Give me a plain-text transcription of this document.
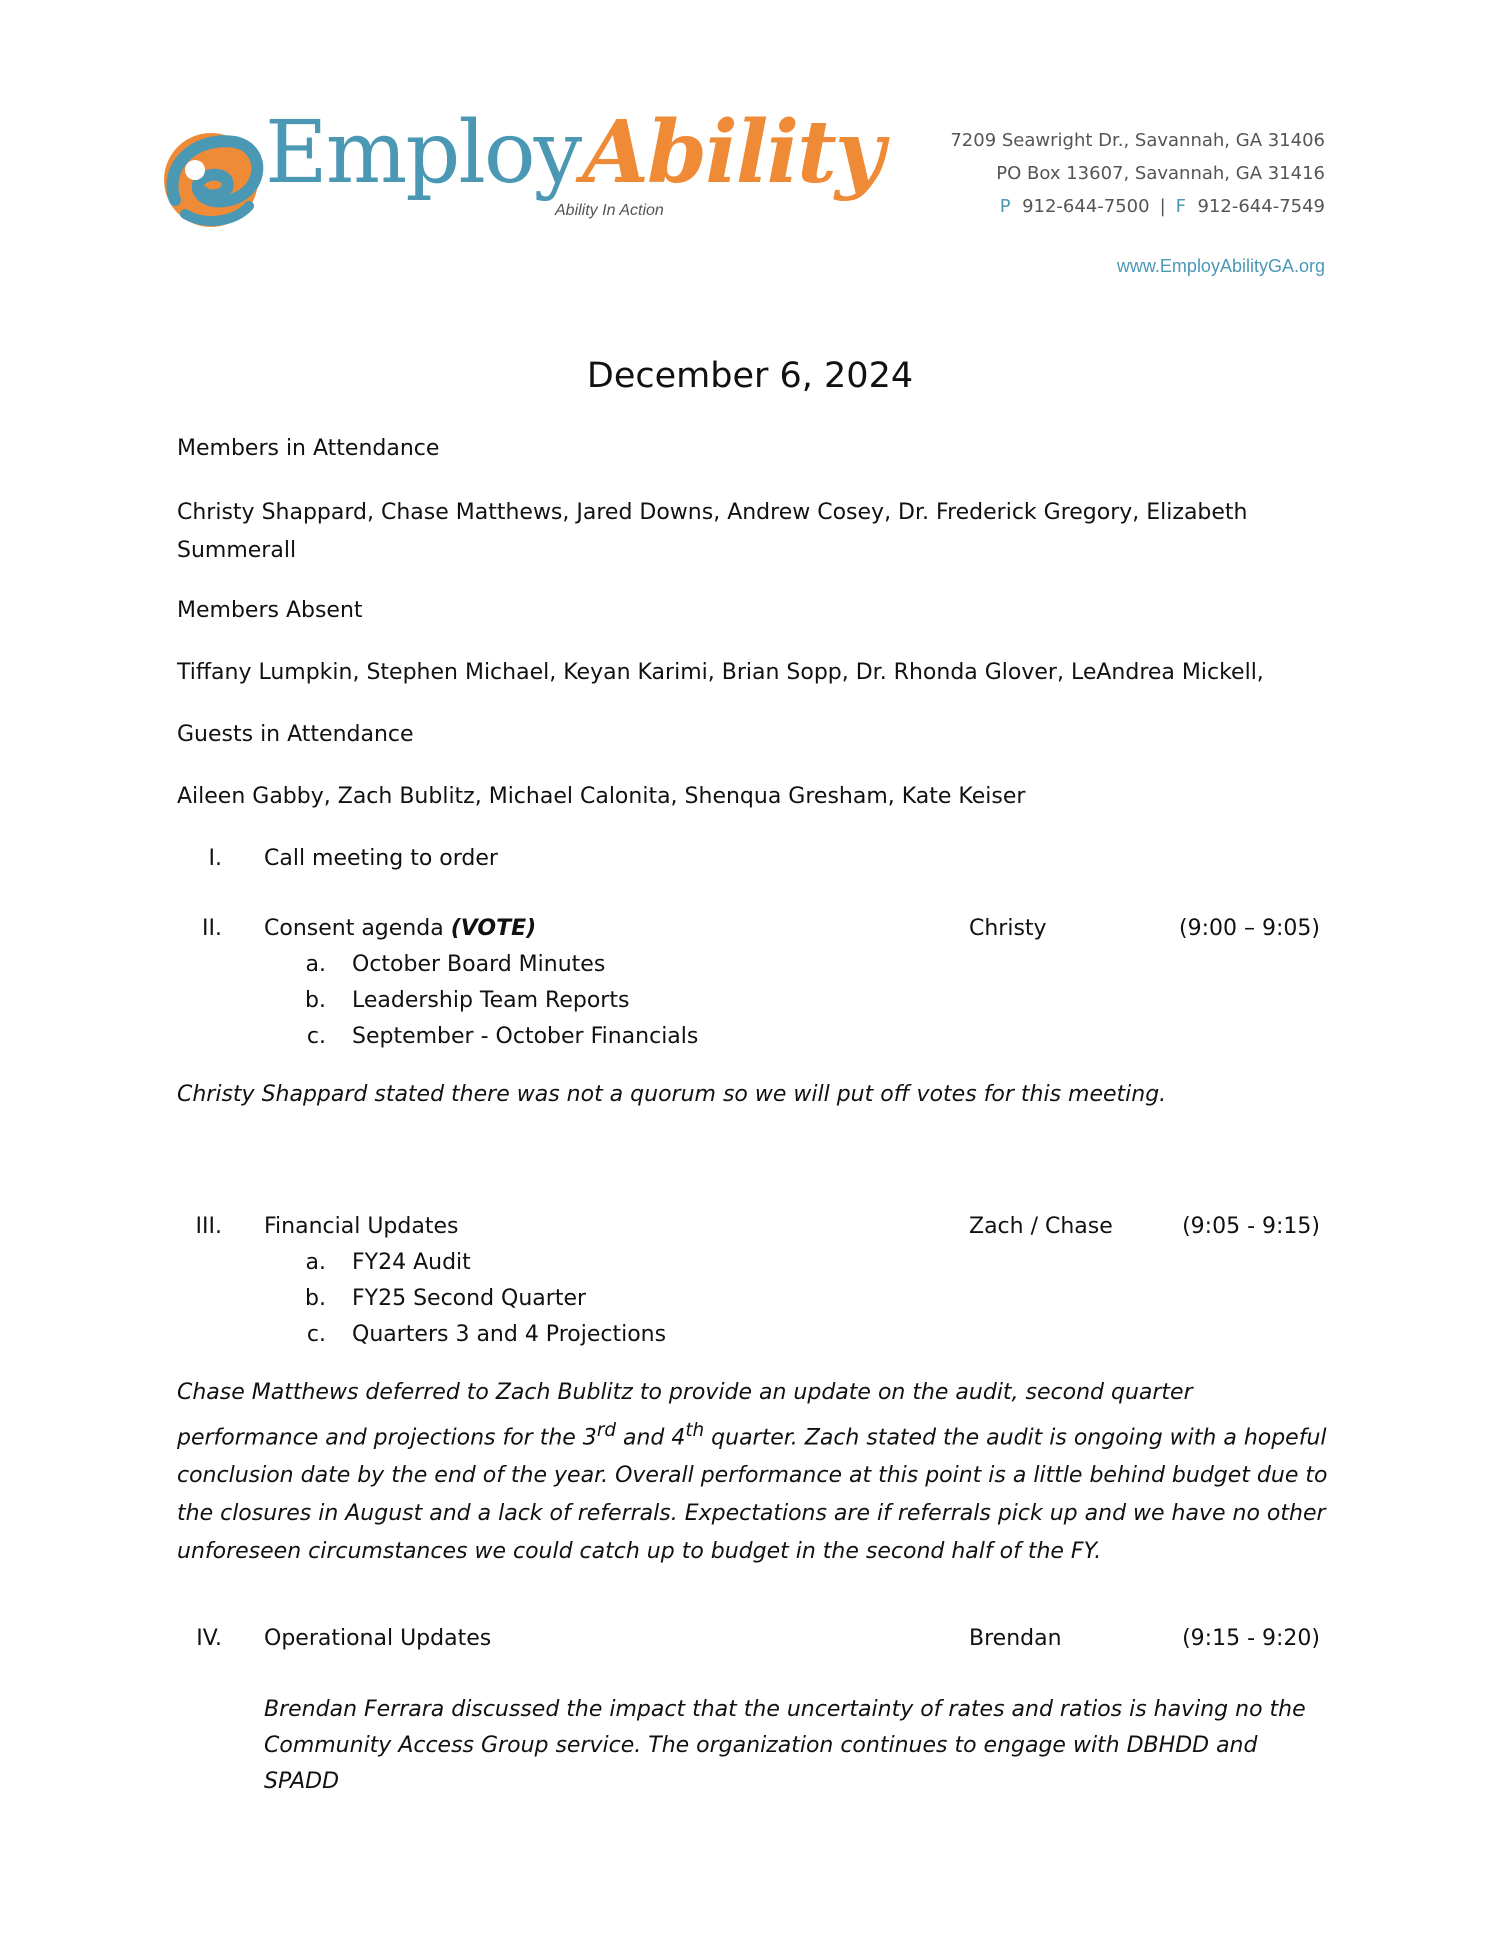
EmployAbility
Ability In Action
7209 Seawright Dr., Savannah, GA 31406
PO Box 13607, Savannah, GA 31416
P 912-644-7500 | F 912-644-7549
www.EmployAbilityGA.org
December 6, 2024
Members in Attendance
Christy Shappard, Chase Matthews, Jared Downs, Andrew Cosey, Dr. Frederick Gregory, Elizabeth Summerall
Members Absent
Tiffany Lumpkin, Stephen Michael, Keyan Karimi, Brian Sopp, Dr. Rhonda Glover, LeAndrea Mickell,
Guests in Attendance
Aileen Gabby, Zach Bublitz, Michael Calonita, Shenqua Gresham, Kate Keiser
I. Call meeting to order
II. Consent agenda (VOTE)	Christy	(9:00 – 9:05)
a. October Board Minutes
b. Leadership Team Reports
c. September - October Financials
Christy Shappard stated there was not a quorum so we will put off votes for this meeting.
III. Financial Updates	Zach / Chase	(9:05 - 9:15)
a. FY24 Audit
b. FY25 Second Quarter
c. Quarters 3 and 4 Projections
Chase Matthews deferred to Zach Bublitz to provide an update on the audit, second quarter performance and projections for the 3rd and 4th quarter. Zach stated the audit is ongoing with a hopeful conclusion date by the end of the year. Overall performance at this point is a little behind budget due to the closures in August and a lack of referrals. Expectations are if referrals pick up and we have no other unforeseen circumstances we could catch up to budget in the second half of the FY.
IV. Operational Updates	Brendan	(9:15 - 9:20)
Brendan Ferrara discussed the impact that the uncertainty of rates and ratios is having no the Community Access Group service. The organization continues to engage with DBHDD and SPADD
